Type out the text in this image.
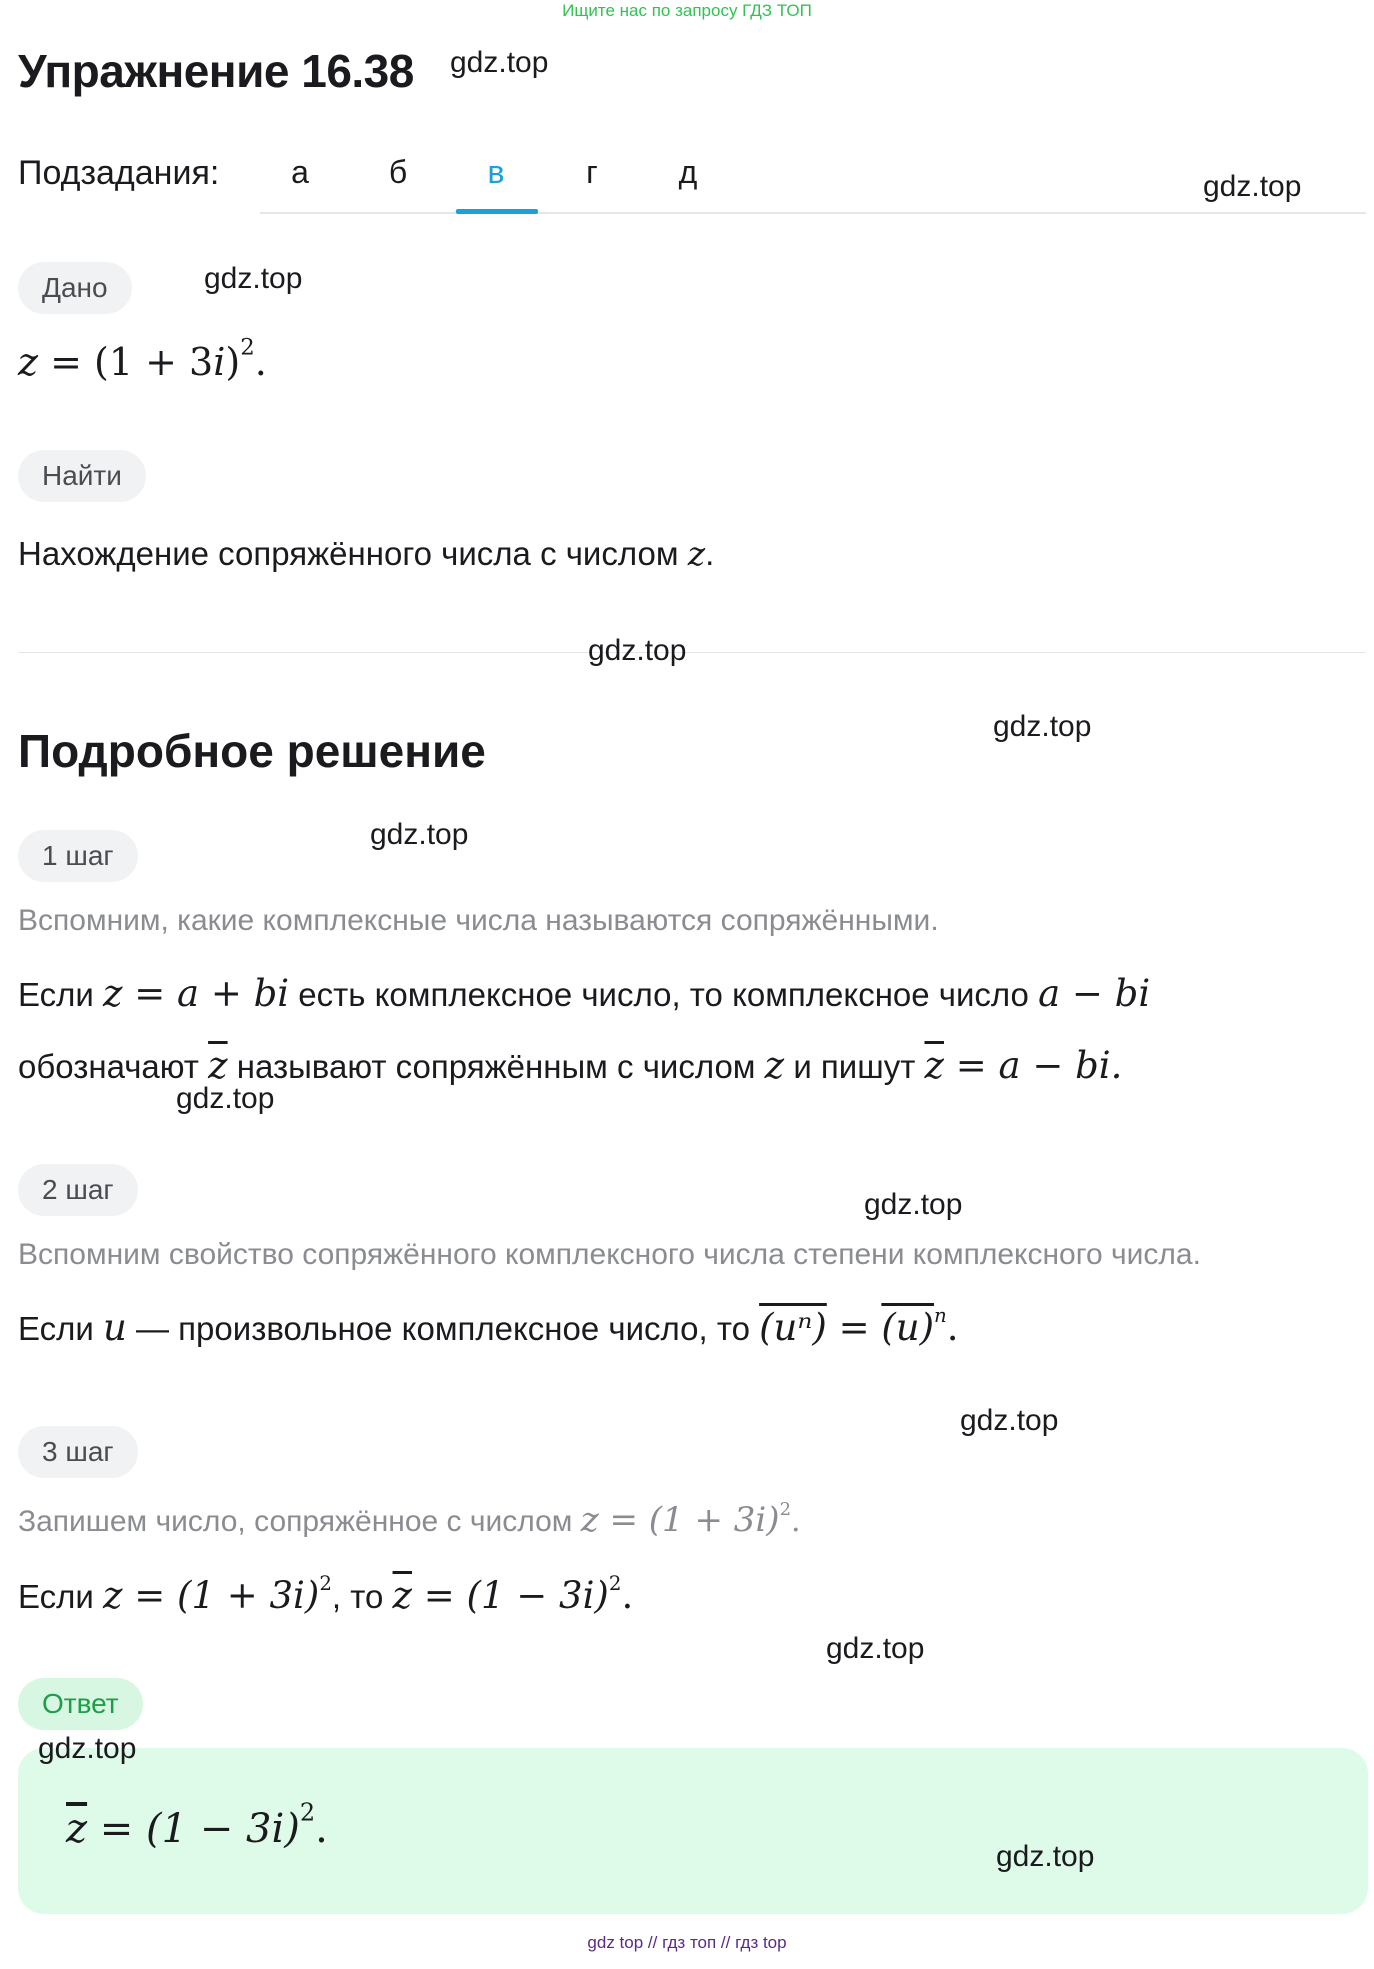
Ищите нас по запросу ГДЗ ТОП
Упражнение 16.38 gdz.top
Подзадания:	а	б	в	г	д	gdz.top
Дано	gdz.top
$z = (1 + 3i)^2$.
Найти
Нахождение сопряжённого числа с числом z.
gdz.top
Подробное решение	gdz.top
1 шаг
gdz.top
Вспомним, какие комплексные числа называются сопряжёнными.
Если z = a + bi есть комплексное число, то комплексное число a − bi
обозначают $\overline{z}$ называют сопряжённым с числом z и пишут $\overline{z} = a$ − bi.
gdz.top
2 шаг	gdz.top
Вспомним свойство сопряжённого комплексного числа степени комплексного числа.
Если u — произвольное комплексное число, то $(u^n) = (u)^n$.
gdz.top
3 шаг
Запишем число, сопряжённое с числом $z = (1 + 3i)^2$.
Если $z = (1 + 3i)^2$, то $\overline{z} = (1 - 3i)^2$.
gdz.top
Ответ
gdz.top
$\overline{z} = (1 - 3i)^2$.
gdz.top
gdz top // гдз топ // гдз top
